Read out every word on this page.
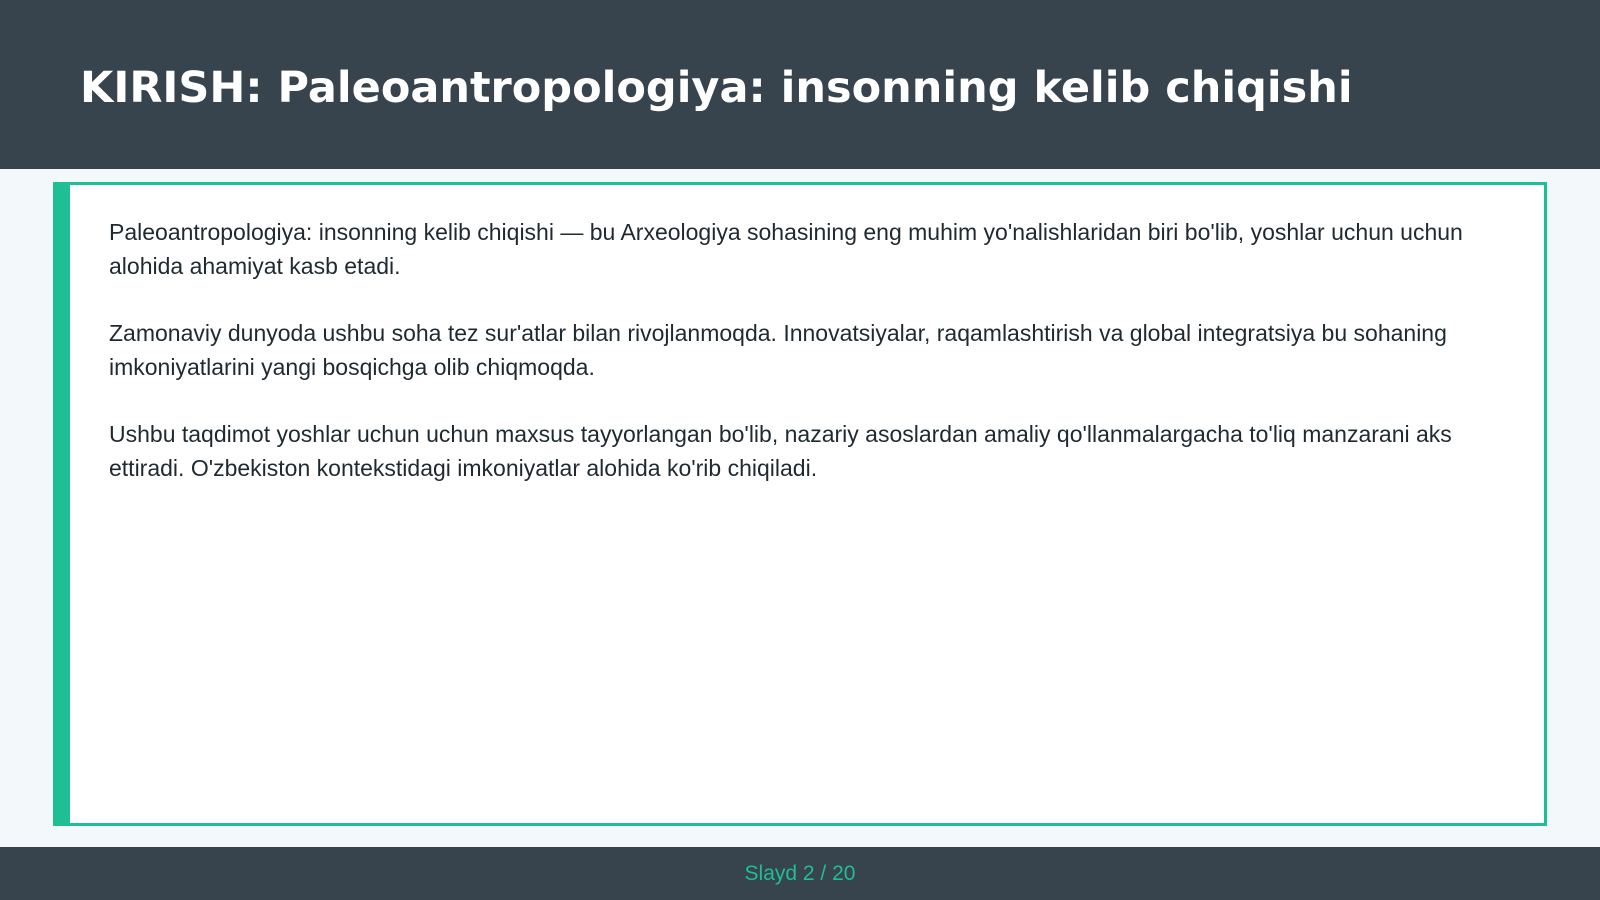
KIRISH: Paleoantropologiya: insonning kelib chiqishi

Paleoantropologiya: insonning kelib chiqishi — bu Arxeologiya sohasining eng muhim yo'nalishlaridan biri bo'lib, yoshlar uchun uchun alohida ahamiyat kasb etadi.

Zamonaviy dunyoda ushbu soha tez sur'atlar bilan rivojlanmoqda. Innovatsiyalar, raqamlashtirish va global integratsiya bu sohaning imkoniyatlarini yangi bosqichga olib chiqmoqda.

Ushbu taqdimot yoshlar uchun uchun maxsus tayyorlangan bo'lib, nazariy asoslardan amaliy qo'llanmalargacha to'liq manzarani aks ettiradi. O'zbekiston kontekstidagi imkoniyatlar alohida ko'rib chiqiladi.

Slayd 2 / 20
